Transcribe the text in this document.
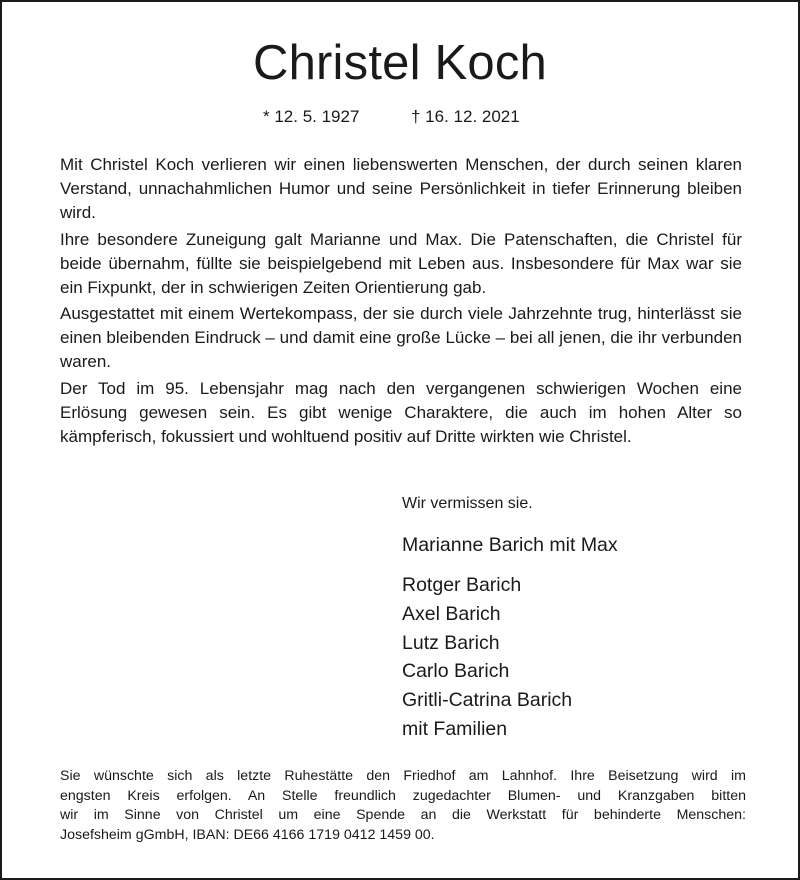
Christel Koch
* 12. 5. 1927	† 16. 12. 2021

Mit Christel Koch verlieren wir einen liebenswerten Menschen, der durch seinen klaren Verstand, unnachahmlichen Humor und seine Persönlichkeit in tiefer Erinnerung bleiben wird.

Ihre besondere Zuneigung galt Marianne und Max. Die Patenschaften, die Christel für beide übernahm, füllte sie beispielgebend mit Leben aus. Insbesondere für Max war sie ein Fixpunkt, der in schwierigen Zeiten Orientierung gab.

Ausgestattet mit einem Wertekompass, der sie durch viele Jahrzehnte trug, hinterlässt sie einen bleibenden Eindruck – und damit eine große Lücke – bei all jenen, die ihr verbunden waren.

Der Tod im 95. Lebensjahr mag nach den vergangenen schwierigen Wochen eine Erlösung gewesen sein. Es gibt wenige Charaktere, die auch im hohen Alter so kämpferisch, fokussiert und wohltuend positiv auf Dritte wirkten wie Christel.

Wir vermissen sie.
Marianne Barich mit Max
Rotger Barich
Axel Barich
Lutz Barich
Carlo Barich
Gritli-Catrina Barich
mit Familien
Sie wünschte sich als letzte Ruhestätte den Friedhof am Lahnhof. Ihre Beisetzung wird im
engsten Kreis erfolgen. An Stelle freundlich zugedachter Blumen- und Kranzgaben bitten
wir im Sinne von Christel um eine Spende an die Werkstatt für behinderte Menschen:
Josefsheim gGmbH, IBAN: DE66 4166 1719 0412 1459 00.
